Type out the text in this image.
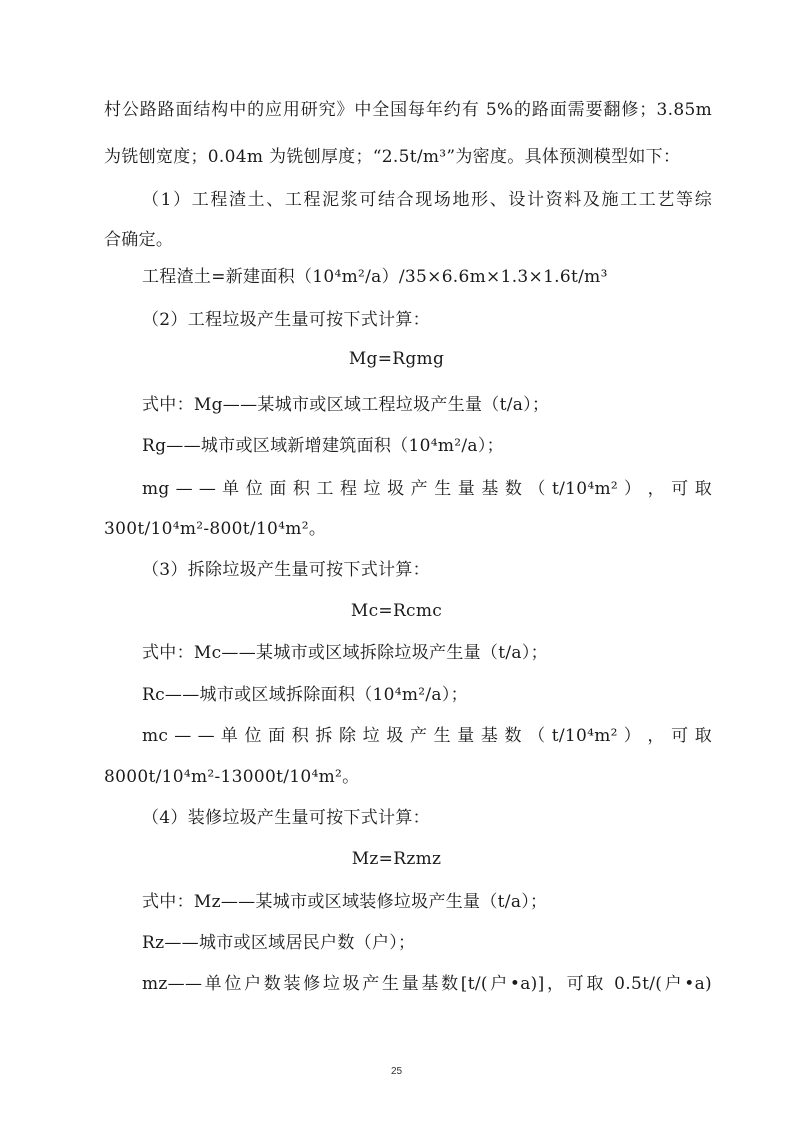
村公路路面结构中的应用研究》中全国每年约有 5%的路面需要翻修；3.85m

为铣刨宽度；0.04m 为铣刨厚度；“2.5t/m³”为密度。具体预测模型如下：

（1）工程渣土、工程泥浆可结合现场地形、设计资料及施工工艺等综

合确定。

工程渣土=新建面积（10⁴m²/a）/35×6.6m×1.3×1.6t/m³

（2）工程垃圾产生量可按下式计算：

Mg=Rgmg

式中：Mg——某城市或区域工程垃圾产生量（t/a）；

Rg——城市或区域新增建筑面积（10⁴m²/a）；

mg — — 单 位 面 积 工 程 垃 圾 产 生 量 基 数 （ t/10⁴m² ） ， 可 取

300t/10⁴m²-800t/10⁴m²。

（3）拆除垃圾产生量可按下式计算：

Mc=Rcmc

式中：Mc——某城市或区域拆除垃圾产生量（t/a）；

Rc——城市或区域拆除面积（10⁴m²/a）；

mc — — 单 位 面 积 拆 除 垃 圾 产 生 量 基 数 （ t/10⁴m² ） ， 可 取

8000t/10⁴m²-13000t/10⁴m²。

（4）装修垃圾产生量可按下式计算：

Mz=Rzmz

式中：Mz——某城市或区域装修垃圾产生量（t/a）；

Rz——城市或区域居民户数（户）；

mz——单位户数装修垃圾产生量基数[t/(户•a)]，可取 0.5t/(户•a)

25
